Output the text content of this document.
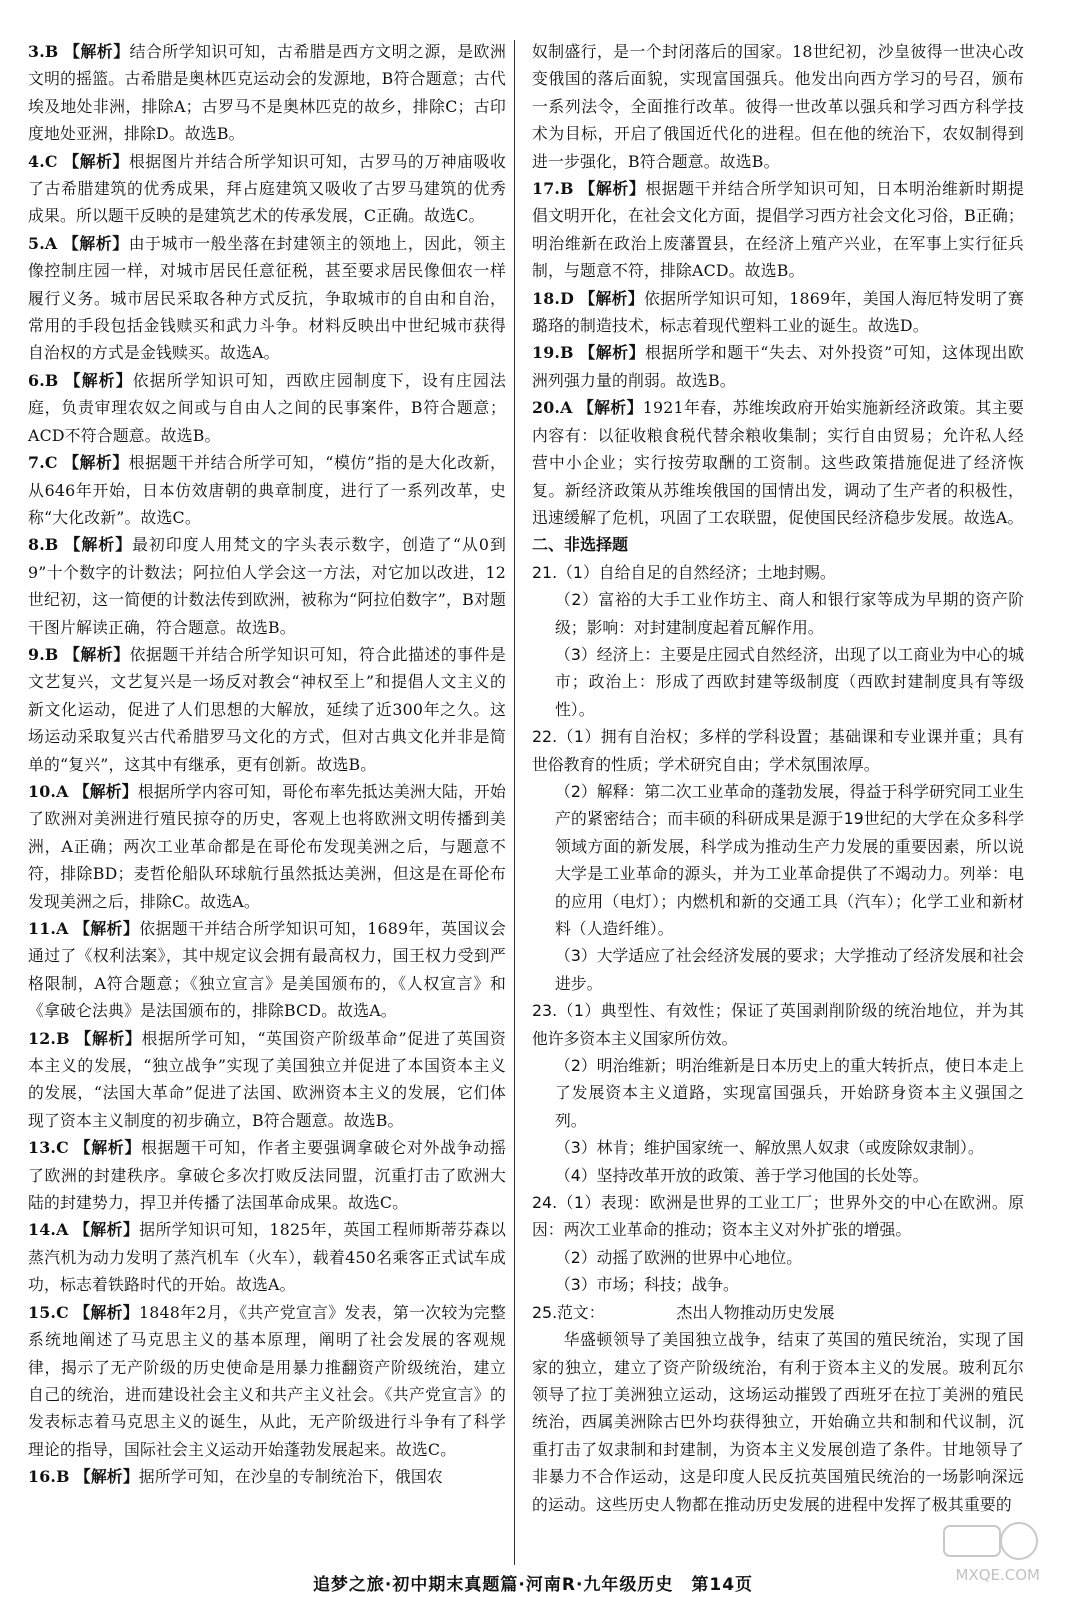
3.B 【解析】结合所学知识可知，古希腊是西方文明之源，是欧洲文明的摇篮。古希腊是奥林匹克运动会的发源地，B符合题意；古代埃及地处非洲，排除A；古罗马不是奥林匹克的故乡，排除C；古印度地处亚洲，排除D。故选B。

4.C 【解析】根据图片并结合所学知识可知，古罗马的万神庙吸收了古希腊建筑的优秀成果，拜占庭建筑又吸收了古罗马建筑的优秀成果。所以题干反映的是建筑艺术的传承发展，C正确。故选C。

5.A 【解析】由于城市一般坐落在封建领主的领地上，因此，领主像控制庄园一样，对城市居民任意征税，甚至要求居民像佃农一样履行义务。城市居民采取各种方式反抗，争取城市的自由和自治，常用的手段包括金钱赎买和武力斗争。材料反映出中世纪城市获得自治权的方式是金钱赎买。故选A。

6.B 【解析】依据所学知识可知，西欧庄园制度下，设有庄园法庭，负责审理农奴之间或与自由人之间的民事案件，B符合题意；ACD不符合题意。故选B。

7.C 【解析】根据题干并结合所学可知，“模仿”指的是大化改新，从646年开始，日本仿效唐朝的典章制度，进行了一系列改革，史称“大化改新”。故选C。

8.B 【解析】最初印度人用梵文的字头表示数字，创造了“从0到9”十个数字的计数法；阿拉伯人学会这一方法，对它加以改进，12世纪初，这一简便的计数法传到欧洲，被称为“阿拉伯数字”，B对题干图片解读正确，符合题意。故选B。

9.B 【解析】依据题干并结合所学知识可知，符合此描述的事件是文艺复兴，文艺复兴是一场反对教会“神权至上”和提倡人文主义的新文化运动，促进了人们思想的大解放，延续了近300年之久。这场运动采取复兴古代希腊罗马文化的方式，但对古典文化并非是简单的“复兴”，这其中有继承，更有创新。故选B。

10.A 【解析】根据所学内容可知，哥伦布率先抵达美洲大陆，开始了欧洲对美洲进行殖民掠夺的历史，客观上也将欧洲文明传播到美洲，A正确；两次工业革命都是在哥伦布发现美洲之后，与题意不符，排除BD；麦哲伦船队环球航行虽然抵达美洲，但这是在哥伦布发现美洲之后，排除C。故选A。

11.A 【解析】依据题干并结合所学知识可知，1689年，英国议会通过了《权利法案》，其中规定议会拥有最高权力，国王权力受到严格限制，A符合题意；《独立宣言》是美国颁布的，《人权宣言》和《拿破仑法典》是法国颁布的，排除BCD。故选A。

12.B 【解析】根据所学可知，“英国资产阶级革命”促进了英国资本主义的发展，“独立战争”实现了美国独立并促进了本国资本主义的发展，“法国大革命”促进了法国、欧洲资本主义的发展，它们体现了资本主义制度的初步确立，B符合题意。故选B。

13.C 【解析】根据题干可知，作者主要强调拿破仑对外战争动摇了欧洲的封建秩序。拿破仑多次打败反法同盟，沉重打击了欧洲大陆的封建势力，捍卫并传播了法国革命成果。故选C。

14.A 【解析】据所学知识可知，1825年，英国工程师斯蒂芬森以蒸汽机为动力发明了蒸汽机车（火车），载着450名乘客正式试车成功，标志着铁路时代的开始。故选A。

15.C 【解析】1848年2月，《共产党宣言》发表，第一次较为完整系统地阐述了马克思主义的基本原理，阐明了社会发展的客观规律，揭示了无产阶级的历史使命是用暴力推翻资产阶级统治，建立自己的统治，进而建设社会主义和共产主义社会。《共产党宣言》的发表标志着马克思主义的诞生，从此，无产阶级进行斗争有了科学理论的指导，国际社会主义运动开始蓬勃发展起来。故选C。

16.B 【解析】据所学可知，在沙皇的专制统治下，俄国农

奴制盛行，是一个封闭落后的国家。18世纪初，沙皇彼得一世决心改变俄国的落后面貌，实现富国强兵。他发出向西方学习的号召，颁布一系列法令，全面推行改革。彼得一世改革以强兵和学习西方科学技术为目标，开启了俄国近代化的进程。但在他的统治下，农奴制得到进一步强化，B符合题意。故选B。

17.B 【解析】根据题干并结合所学知识可知，日本明治维新时期提倡文明开化，在社会文化方面，提倡学习西方社会文化习俗，B正确；明治维新在政治上废藩置县，在经济上殖产兴业，在军事上实行征兵制，与题意不符，排除ACD。故选B。

18.D 【解析】依据所学知识可知，1869年，美国人海厄特发明了赛璐珞的制造技术，标志着现代塑料工业的诞生。故选D。

19.B 【解析】根据所学和题干“失去、对外投资”可知，这体现出欧洲列强力量的削弱。故选B。

20.A 【解析】1921年春，苏维埃政府开始实施新经济政策。其主要内容有：以征收粮食税代替余粮收集制；实行自由贸易；允许私人经营中小企业；实行按劳取酬的工资制。这些政策措施促进了经济恢复。新经济政策从苏维埃俄国的国情出发，调动了生产者的积极性，迅速缓解了危机，巩固了工农联盟，促使国民经济稳步发展。故选A。

二、非选择题

21.（1）自给自足的自然经济；土地封赐。

（2）富裕的大手工业作坊主、商人和银行家等成为早期的资产阶级；影响：对封建制度起着瓦解作用。

（3）经济上：主要是庄园式自然经济，出现了以工商业为中心的城市；政治上：形成了西欧封建等级制度（西欧封建制度具有等级性）。

22.（1）拥有自治权；多样的学科设置；基础课和专业课并重；具有世俗教育的性质；学术研究自由；学术氛围浓厚。

（2）解释：第二次工业革命的蓬勃发展，得益于科学研究同工业生产的紧密结合；而丰硕的科研成果是源于19世纪的大学在众多科学领域方面的新发展，科学成为推动生产力发展的重要因素，所以说大学是工业革命的源头，并为工业革命提供了不竭动力。列举：电的应用（电灯）；内燃机和新的交通工具（汽车）；化学工业和新材料（人造纤维）。

（3）大学适应了社会经济发展的要求；大学推动了经济发展和社会进步。

23.（1）典型性、有效性；保证了英国剥削阶级的统治地位，并为其他许多资本主义国家所仿效。

（2）明治维新；明治维新是日本历史上的重大转折点，使日本走上了发展资本主义道路，实现富国强兵，开始跻身资本主义强国之列。

（3）林肯；维护国家统一、解放黑人奴隶（或废除奴隶制）。

（4）坚持改革开放的政策、善于学习他国的长处等。

24.（1）表现：欧洲是世界的工业工厂；世界外交的中心在欧洲。原因：两次工业革命的推动；资本主义对外扩张的增强。

（2）动摇了欧洲的世界中心地位。

（3）市场；科技；战争。

25.范文：	杰出人物推动历史发展

华盛顿领导了美国独立战争，结束了英国的殖民统治，实现了国家的独立，建立了资产阶级统治，有利于资本主义的发展。玻利瓦尔领导了拉丁美洲独立运动，这场运动摧毁了西班牙在拉丁美洲的殖民统治，西属美洲除古巴外均获得独立，开始确立共和制和代议制，沉重打击了奴隶制和封建制，为资本主义发展创造了条件。甘地领导了非暴力不合作运动，这是印度人民反抗英国殖民统治的一场影响深远的运动。这些历史人物都在推动历史发展的进程中发挥了极其重要的

追梦之旅·初中期末真题篇·河南R·九年级历史　第14页	MXQE.COM
